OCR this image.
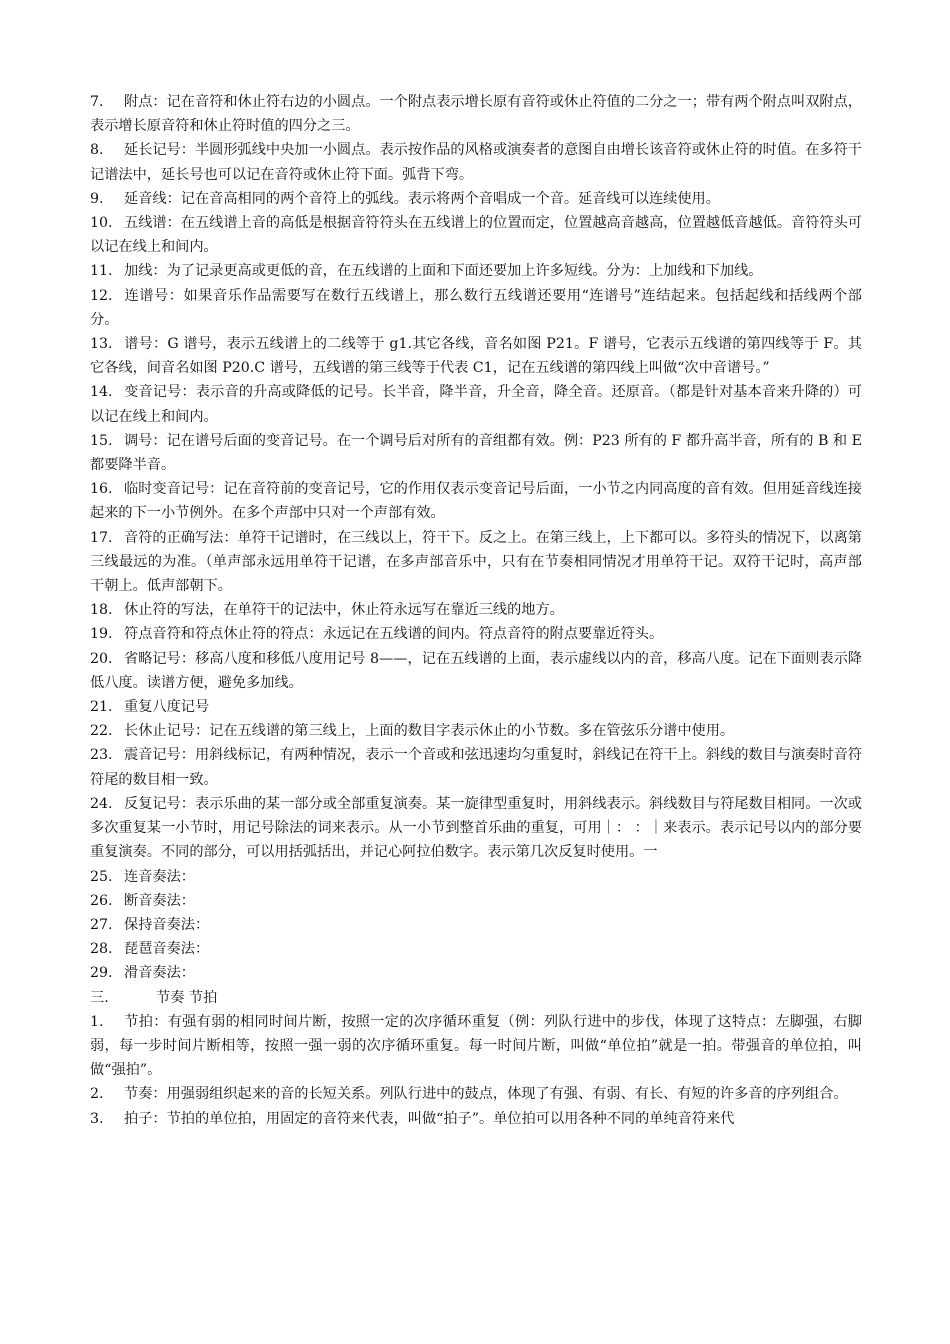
7. 附点：记在音符和休止符右边的小圆点。一个附点表示增长原有音符或休止符值的二分之一；带有两个附点叫双附点，表示增长原音符和休止符时值的四分之三。

8. 延长记号：半圆形弧线中央加一小圆点。表示按作品的风格或演奏者的意图自由增长该音符或休止符的时值。在多符干记谱法中，延长号也可以记在音符或休止符下面。弧背下弯。

9. 延音线：记在音高相同的两个音符上的弧线。表示将两个音唱成一个音。延音线可以连续使用。

10. 五线谱：在五线谱上音的高低是根据音符符头在五线谱上的位置而定，位置越高音越高，位置越低音越低。音符符头可以记在线上和间内。

11. 加线：为了记录更高或更低的音，在五线谱的上面和下面还要加上许多短线。分为：上加线和下加线。

12. 连谱号：如果音乐作品需要写在数行五线谱上，那么数行五线谱还要用“连谱号”连结起来。包括起线和括线两个部分。

13. 谱号：G 谱号，表示五线谱上的二线等于 g1.其它各线，音名如图 P21。F 谱号，它表示五线谱的第四线等于 F。其它各线，间音名如图 P20.C 谱号，五线谱的第三线等于代表 C1，记在五线谱的第四线上叫做“次中音谱号。”

14. 变音记号：表示音的升高或降低的记号。长半音，降半音，升全音，降全音。还原音。（都是针对基本音来升降的）可以记在线上和间内。

15. 调号：记在谱号后面的变音记号。在一个调号后对所有的音组都有效。例：P23 所有的 F 都升高半音，所有的 B 和 E 都要降半音。

16. 临时变音记号：记在音符前的变音记号，它的作用仅表示变音记号后面，一小节之内同高度的音有效。但用延音线连接起来的下一小节例外。在多个声部中只对一个声部有效。

17. 音符的正确写法：单符干记谱时，在三线以上，符干下。反之上。在第三线上，上下都可以。多符头的情况下，以离第三线最远的为准。（单声部永远用单符干记谱，在多声部音乐中，只有在节奏相同情况才用单符干记。双符干记时，高声部干朝上。低声部朝下。

18. 休止符的写法，在单符干的记法中，休止符永远写在靠近三线的地方。

19. 符点音符和符点休止符的符点：永远记在五线谱的间内。符点音符的附点要靠近符头。

20. 省略记号：移高八度和移低八度用记号 8——，记在五线谱的上面，表示虚线以内的音，移高八度。记在下面则表示降低八度。读谱方便，避免多加线。

21. 重复八度记号

22. 长休止记号：记在五线谱的第三线上，上面的数目字表示休止的小节数。多在管弦乐分谱中使用。

23. 震音记号：用斜线标记，有两种情况，表示一个音或和弦迅速均匀重复时，斜线记在符干上。斜线的数目与演奏时音符符尾的数目相一致。

24. 反复记号：表示乐曲的某一部分或全部重复演奏。某一旋律型重复时，用斜线表示。斜线数目与符尾数目相同。一次或多次重复某一小节时，用记号除法的词来表示。从一小节到整首乐曲的重复，可用｜： ：｜来表示。表示记号以内的部分要重复演奏。不同的部分，可以用括弧括出，并记心阿拉伯数字。表示第几次反复时使用。一

25. 连音奏法：

26. 断音奏法：

27. 保持音奏法：

28. 琵琶音奏法：

29. 滑音奏法：

三.	节奏 节拍

1. 节拍：有强有弱的相同时间片断，按照一定的次序循环重复（例：列队行进中的步伐，体现了这特点：左脚强，右脚弱，每一步时间片断相等，按照一强一弱的次序循环重复。每一时间片断，叫做“单位拍”就是一拍。带强音的单位拍，叫做“强拍”。

2. 节奏：用强弱组织起来的音的长短关系。列队行进中的鼓点，体现了有强、有弱、有长、有短的许多音的序列组合。

3. 拍子：节拍的单位拍，用固定的音符来代表，叫做“拍子”。单位拍可以用各种不同的单纯音符来代
